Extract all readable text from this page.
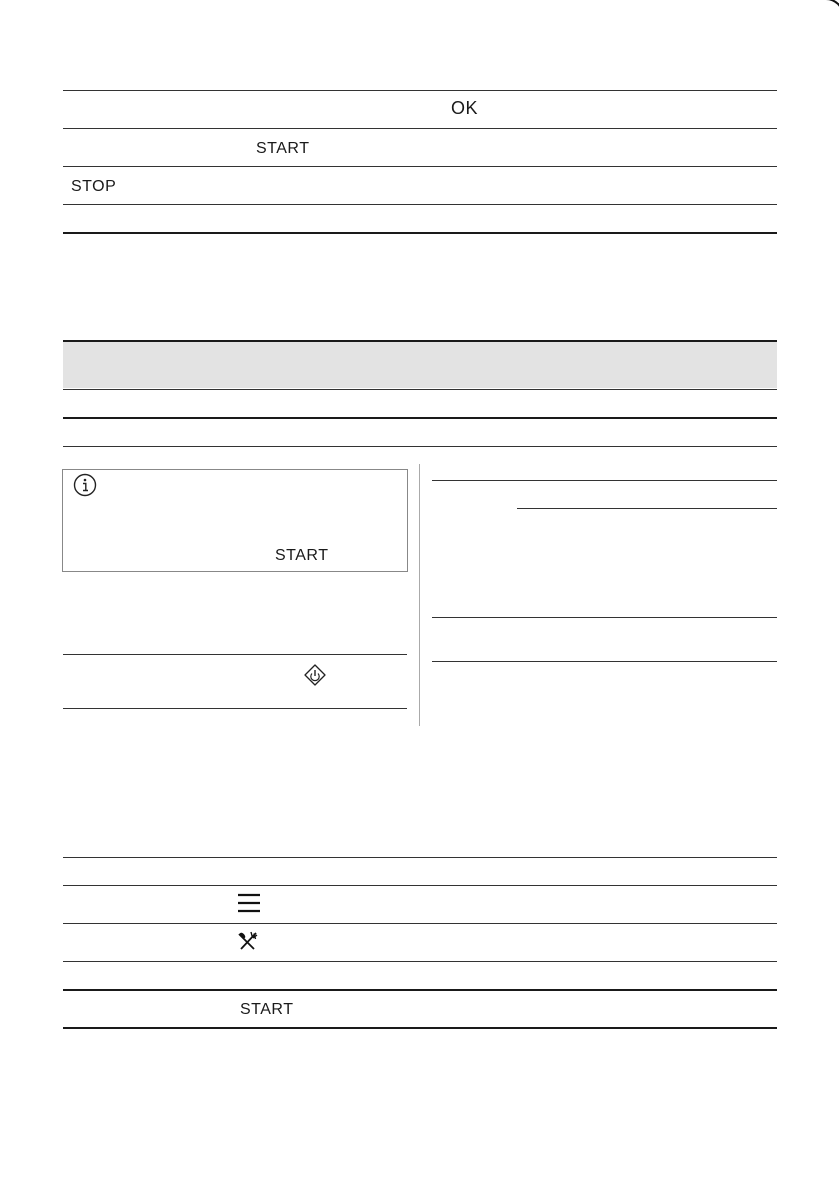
OK
START
STOP
START
START
